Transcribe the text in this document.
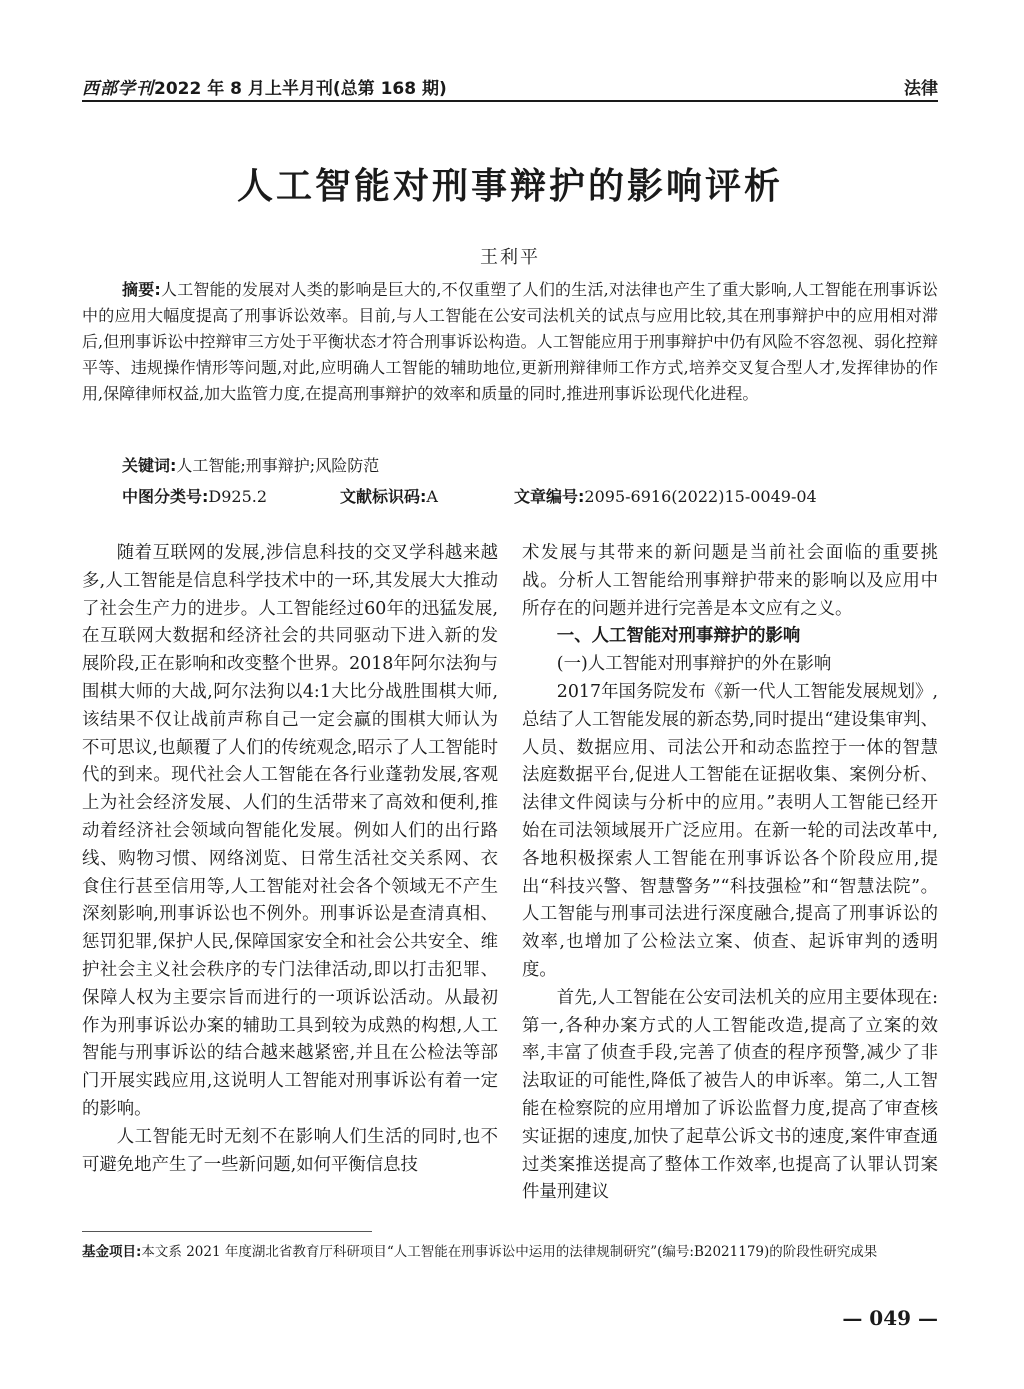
西部学刊2022 年 8 月上半月刊(总第 168 期)	法律
人工智能对刑事辩护的影响评析
王利平
摘要:人工智能的发展对人类的影响是巨大的,不仅重塑了人们的生活,对法律也产生了重大影响,人工智能在刑事诉讼中的应用大幅度提高了刑事诉讼效率。目前,与人工智能在公安司法机关的试点与应用比较,其在刑事辩护中的应用相对滞后,但刑事诉讼中控辩审三方处于平衡状态才符合刑事诉讼构造。人工智能应用于刑事辩护中仍有风险不容忽视、弱化控辩平等、违规操作情形等问题,对此,应明确人工智能的辅助地位,更新刑辩律师工作方式,培养交叉复合型人才,发挥律协的作用,保障律师权益,加大监管力度,在提高刑事辩护的效率和质量的同时,推进刑事诉讼现代化进程。
关键词:人工智能;刑事辩护;风险防范
中图分类号:D925.2	文献标识码:A	文章编号:2095-6916(2022)15-0049-04

随着互联网的发展,涉信息科技的交叉学科越来越多,人工智能是信息科学技术中的一环,其发展大大推动了社会生产力的进步。人工智能经过60年的迅猛发展,在互联网大数据和经济社会的共同驱动下进入新的发展阶段,正在影响和改变整个世界。2018年阿尔法狗与围棋大师的大战,阿尔法狗以4:1大比分战胜围棋大师,该结果不仅让战前声称自己一定会赢的围棋大师认为不可思议,也颠覆了人们的传统观念,昭示了人工智能时代的到来。现代社会人工智能在各行业蓬勃发展,客观上为社会经济发展、人们的生活带来了高效和便利,推动着经济社会领域向智能化发展。例如人们的出行路线、购物习惯、网络浏览、日常生活社交关系网、衣食住行甚至信用等,人工智能对社会各个领域无不产生深刻影响,刑事诉讼也不例外。刑事诉讼是查清真相、惩罚犯罪,保护人民,保障国家安全和社会公共安全、维护社会主义社会秩序的专门法律活动,即以打击犯罪、保障人权为主要宗旨而进行的一项诉讼活动。从最初作为刑事诉讼办案的辅助工具到较为成熟的构想,人工智能与刑事诉讼的结合越来越紧密,并且在公检法等部门开展实践应用,这说明人工智能对刑事诉讼有着一定的影响。

人工智能无时无刻不在影响人们生活的同时,也不可避免地产生了一些新问题,如何平衡信息技

术发展与其带来的新问题是当前社会面临的重要挑战。分析人工智能给刑事辩护带来的影响以及应用中所存在的问题并进行完善是本文应有之义。

一、人工智能对刑事辩护的影响
(一)人工智能对刑事辩护的外在影响

2017年国务院发布《新一代人工智能发展规划》,总结了人工智能发展的新态势,同时提出“建设集审判、人员、数据应用、司法公开和动态监控于一体的智慧法庭数据平台,促进人工智能在证据收集、案例分析、法律文件阅读与分析中的应用。”表明人工智能已经开始在司法领域展开广泛应用。在新一轮的司法改革中,各地积极探索人工智能在刑事诉讼各个阶段应用,提出“科技兴警、智慧警务”“科技强检”和“智慧法院”。人工智能与刑事司法进行深度融合,提高了刑事诉讼的效率,也增加了公检法立案、侦查、起诉审判的透明度。

首先,人工智能在公安司法机关的应用主要体现在:第一,各种办案方式的人工智能改造,提高了立案的效率,丰富了侦查手段,完善了侦查的程序预警,减少了非法取证的可能性,降低了被告人的申诉率。第二,人工智能在检察院的应用增加了诉讼监督力度,提高了审查核实证据的速度,加快了起草公诉文书的速度,案件审查通过类案推送提高了整体工作效率,也提高了认罪认罚案件量刑建议

基金项目:本文系 2021 年度湖北省教育厅科研项目“人工智能在刑事诉讼中运用的法律规制研究”(编号:B2021179)的阶段性研究成果
— 049 —
